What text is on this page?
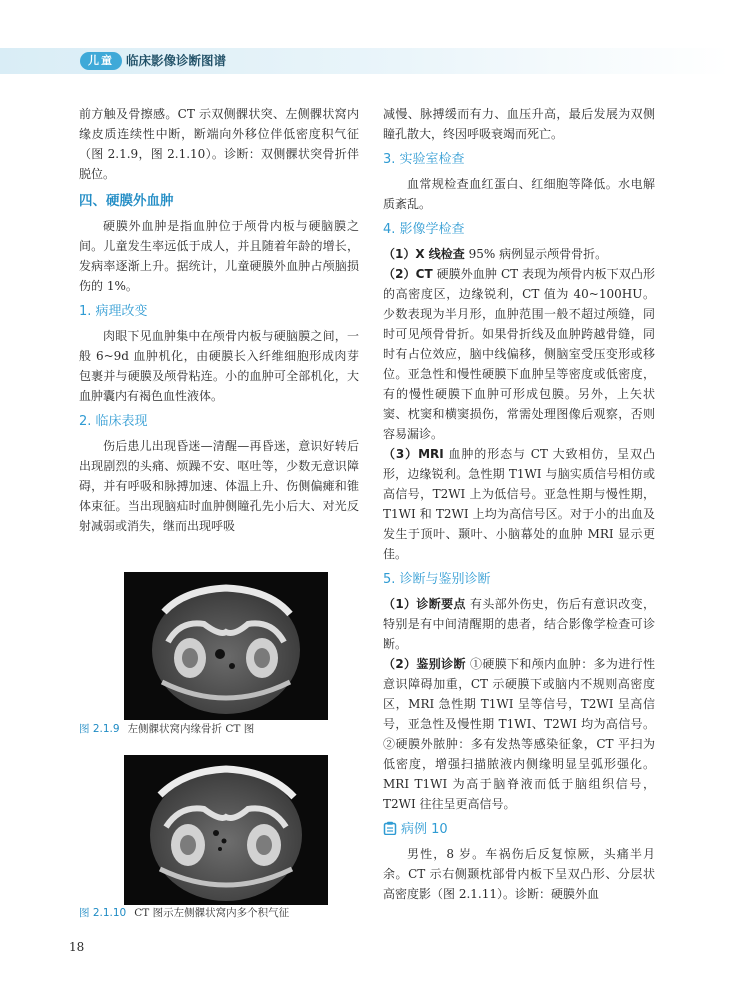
儿童 临床影像诊断图谱

前方触及骨擦感。CT 示双侧髁状突、左侧髁状窝内缘皮质连续性中断，断端向外移位伴低密度积气征（图 2.1.9，图 2.1.10）。诊断：双侧髁状突骨折伴脱位。

四、硬膜外血肿

硬膜外血肿是指血肿位于颅骨内板与硬脑膜之间。儿童发生率远低于成人，并且随着年龄的增长，发病率逐渐上升。据统计，儿童硬膜外血肿占颅脑损伤的 1%。

1. 病理改变

肉眼下见血肿集中在颅骨内板与硬脑膜之间，一般 6~9d 血肿机化，由硬膜长入纤维细胞形成肉芽包裹并与硬膜及颅骨粘连。小的血肿可全部机化，大血肿囊内有褐色血性液体。

2. 临床表现

伤后患儿出现昏迷—清醒—再昏迷，意识好转后出现剧烈的头痛、烦躁不安、呕吐等，少数无意识障碍，并有呼吸和脉搏加速、体温上升、伤侧偏瘫和锥体束征。当出现脑疝时血肿侧瞳孔先小后大、对光反射减弱或消失，继而出现呼吸

图 2.1.9 左侧髁状窝内缘骨折 CT 图
图 2.1.10 CT 图示左侧髁状窝内多个积气征

减慢、脉搏缓而有力、血压升高，最后发展为双侧瞳孔散大，终因呼吸衰竭而死亡。

3. 实验室检查

血常规检查血红蛋白、红细胞等降低。水电解质紊乱。

4. 影像学检查

（1）X 线检查 95% 病例显示颅骨骨折。

（2）CT 硬膜外血肿 CT 表现为颅骨内板下双凸形的高密度区，边缘锐利，CT 值为 40~100HU。少数表现为半月形，血肿范围一般不超过颅缝，同时可见颅骨骨折。如果骨折线及血肿跨越骨缝，同时有占位效应，脑中线偏移，侧脑室受压变形或移位。亚急性和慢性硬膜下血肿呈等密度或低密度，有的慢性硬膜下血肿可形成包膜。另外，上矢状窦、枕窦和横窦损伤，常需处理图像后观察，否则容易漏诊。

（3）MRI 血肿的形态与 CT 大致相仿，呈双凸形，边缘锐利。急性期 T1WI 与脑实质信号相仿或高信号，T2WI 上为低信号。亚急性期与慢性期，T1WI 和 T2WI 上均为高信号区。对于小的出血及发生于顶叶、颞叶、小脑幕处的血肿 MRI 显示更佳。

5. 诊断与鉴别诊断

（1）诊断要点 有头部外伤史，伤后有意识改变，特别是有中间清醒期的患者，结合影像学检查可诊断。

（2）鉴别诊断 ①硬膜下和颅内血肿：多为进行性意识障碍加重，CT 示硬膜下或脑内不规则高密度区，MRI 急性期 T1WI 呈等信号，T2WI 呈高信号，亚急性及慢性期 T1WI、T2WI 均为高信号。②硬膜外脓肿：多有发热等感染征象，CT 平扫为低密度，增强扫描脓液内侧缘明显呈弧形强化。MRI T1WI 为高于脑脊液而低于脑组织信号，T2WI 往往呈更高信号。

病例 10

男性，8 岁。车祸伤后反复惊厥，头痛半月余。CT 示右侧颞枕部骨内板下呈双凸形、分层状高密度影（图 2.1.11）。诊断：硬膜外血

18
